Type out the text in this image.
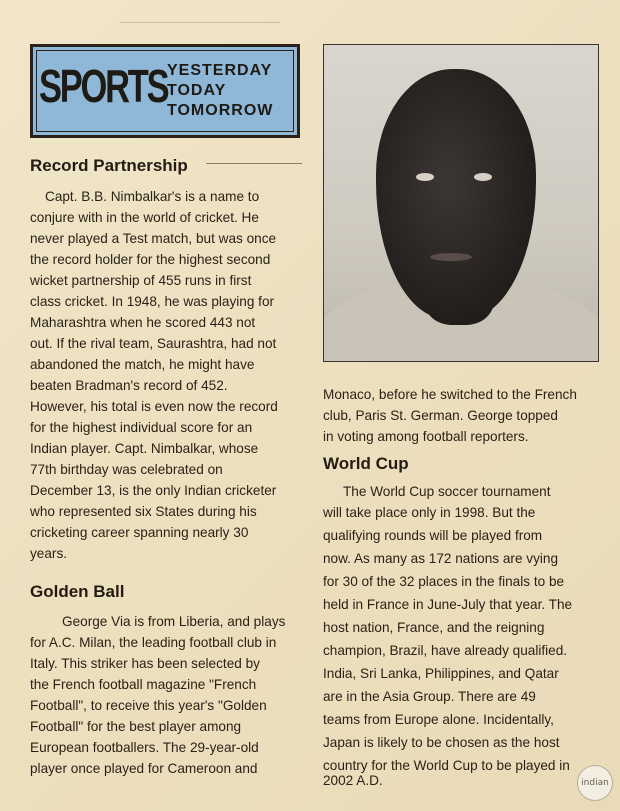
SPORTS YESTERDAY
TODAY
TOMORROW
Record Partnership
Capt. B.B. Nimbalkar's is a name to
conjure with in the world of cricket. He
never played a Test match, but was once
the record holder for the highest second
wicket partnership of 455 runs in first
class cricket. In 1948, he was playing for
Maharashtra when he scored 443 not
out. If the rival team, Saurashtra, had not
abandoned the match, he might have
beaten Bradman's record of 452.
However, his total is even now the record
for the highest individual score for an
Indian player. Capt. Nimbalkar, whose
77th birthday was celebrated on
December 13, is the only Indian cricketer
who represented six States during his
cricketing career spanning nearly 30
years.
Golden Ball
George Via is from Liberia, and plays
for A.C. Milan, the leading football club in
Italy. This striker has been selected by
the French football magazine "French
Football", to receive this year's "Golden
Football" for the best player among
European footballers. The 29-year-old
player once played for Cameroon and
Monaco, before he switched to the French
club, Paris St. German. George topped
in voting among football reporters.
World Cup
The World Cup soccer tournament
will take place only in 1998. But the
qualifying rounds will be played from
now. As many as 172 nations are vying
for 30 of the 32 places in the finals to be
held in France in June-July that year. The
host nation, France, and the reigning
champion, Brazil, have already qualified.
India, Sri Lanka, Philippines, and Qatar
are in the Asia Group. There are 49
teams from Europe alone. Incidentally,
Japan is likely to be chosen as the host
country for the World Cup to be played in
2002 A.D.	indian
